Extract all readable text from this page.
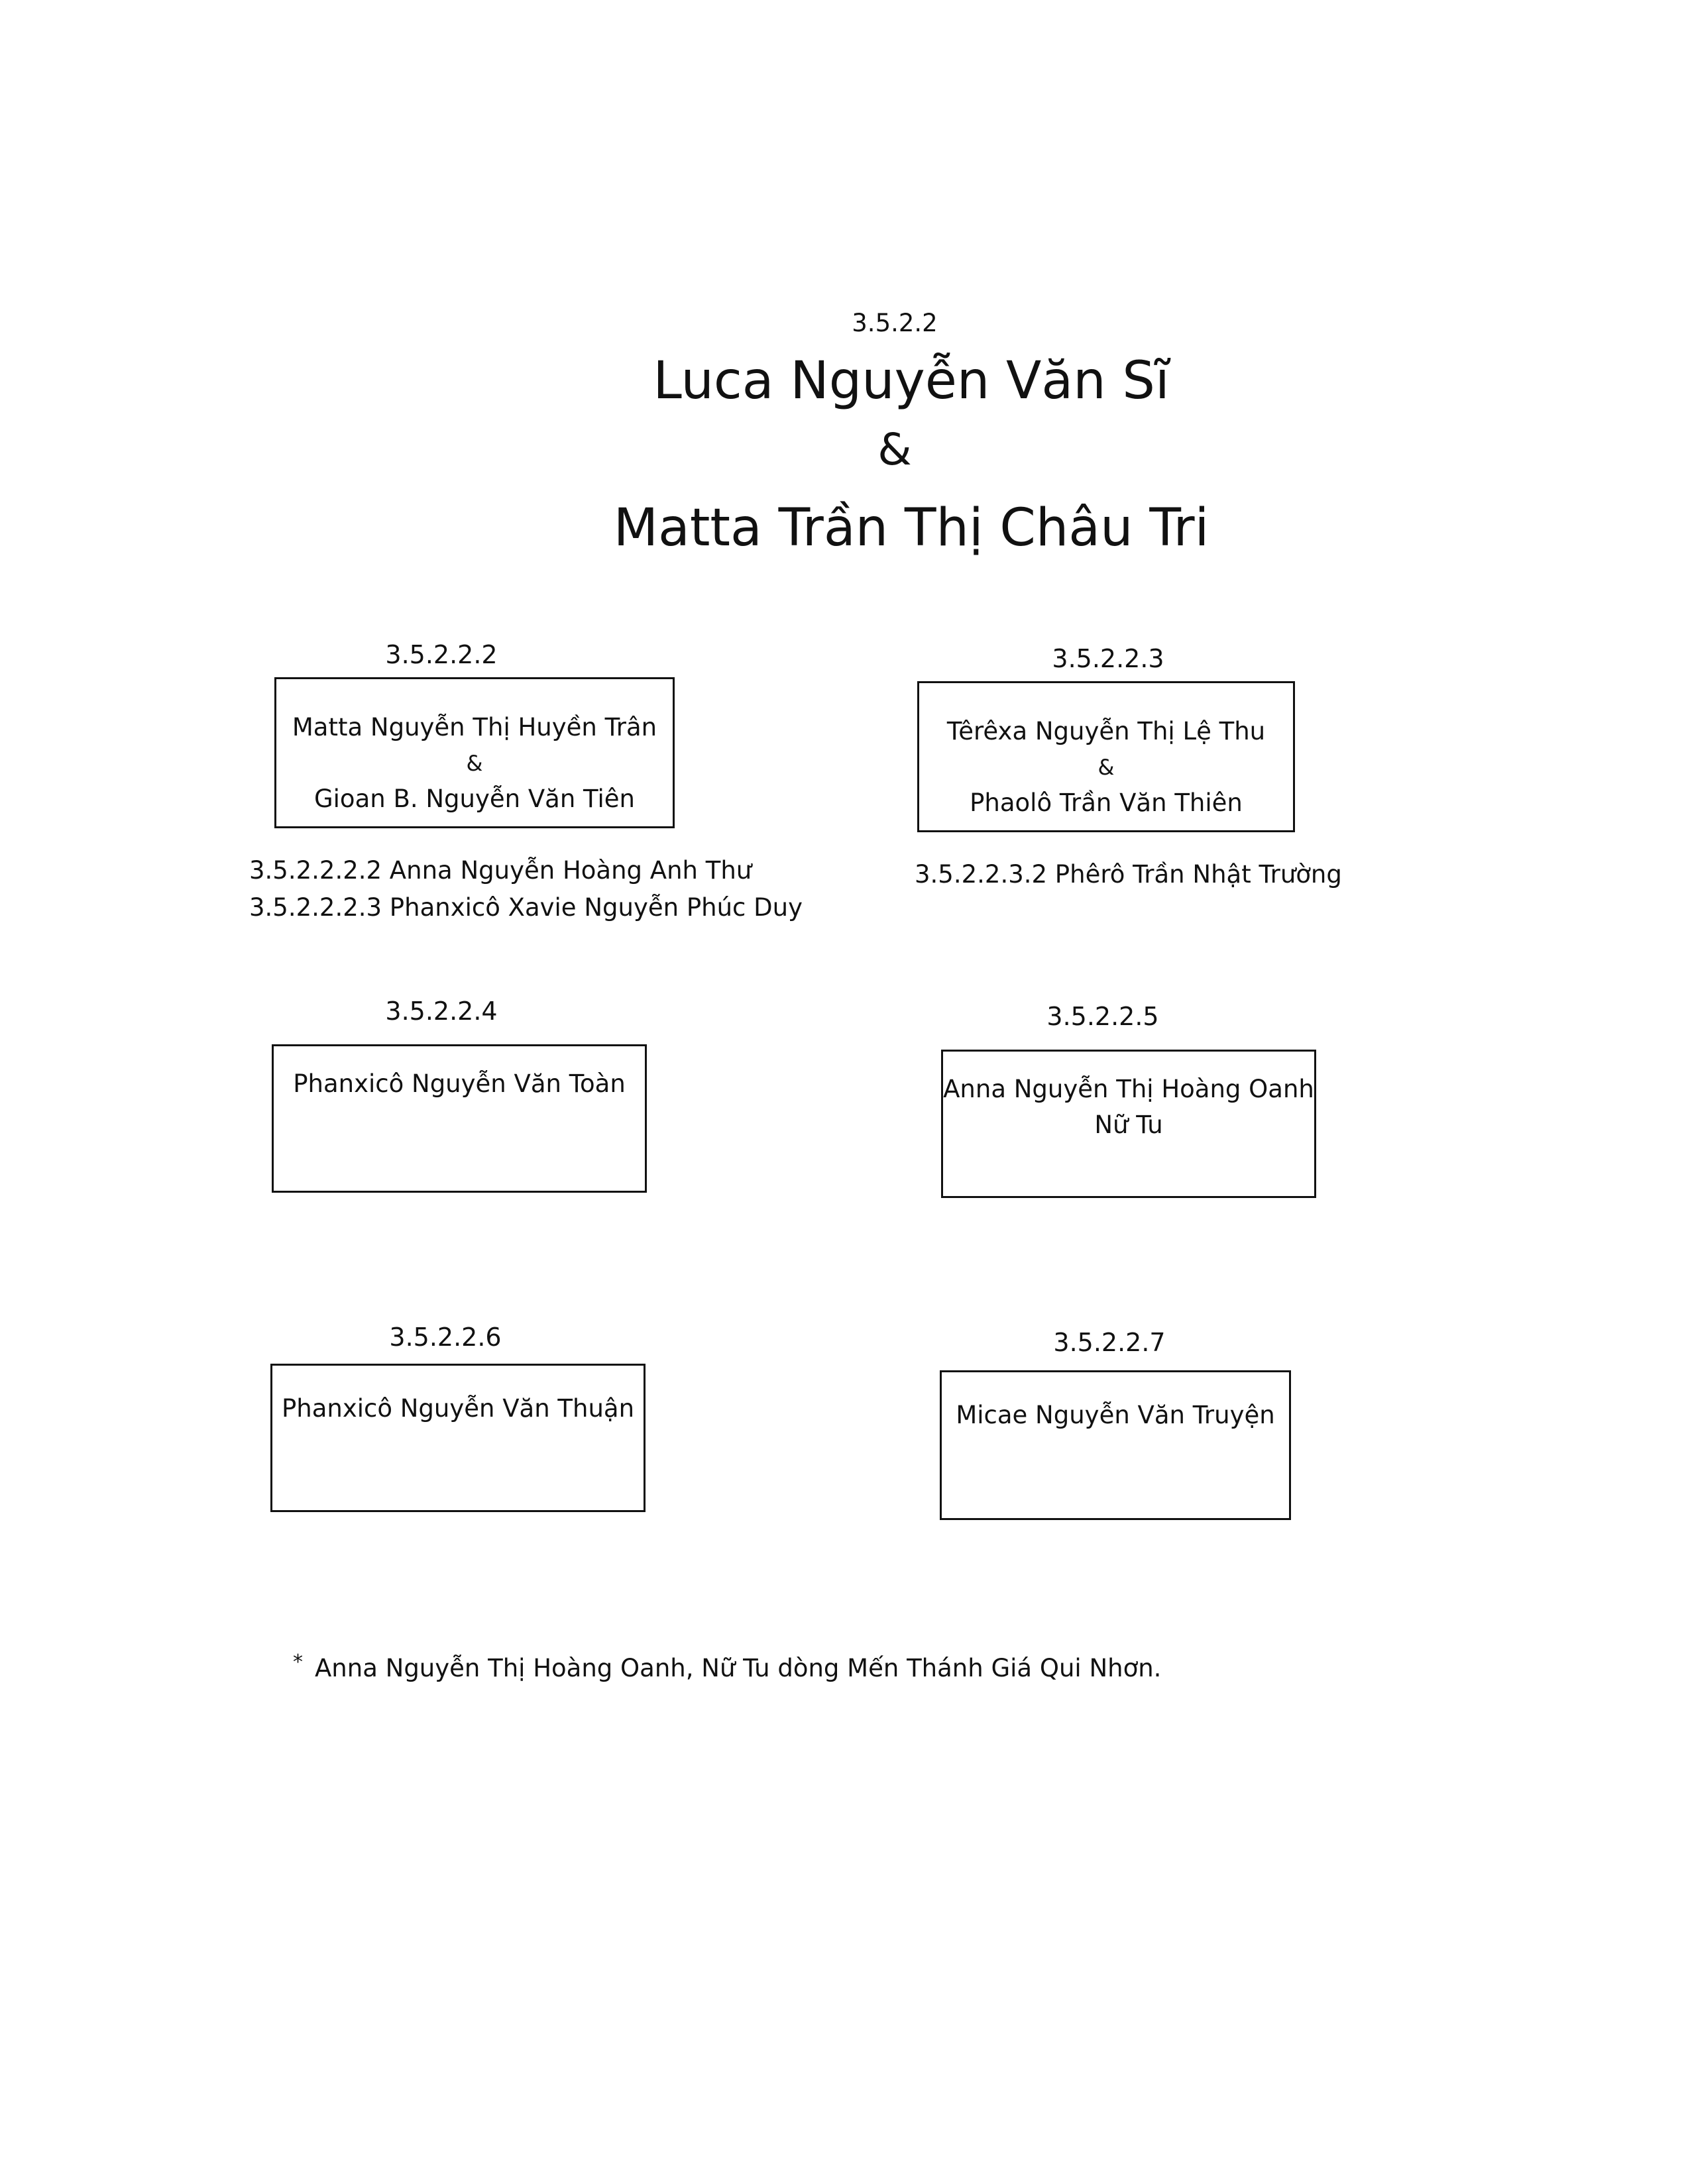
3.5.2.2
Luca Nguyễn Văn Sĩ
&
Matta Trần Thị Châu Tri
3.5.2.2.2
Matta Nguyễn Thị Huyền Trân
&
Gioan B. Nguyễn Văn Tiên
3.5.2.2.2.2 Anna Nguyễn Hoàng Anh Thư
3.5.2.2.2.3 Phanxicô Xavie Nguyễn Phúc Duy
3.5.2.2.3
Têrêxa Nguyễn Thị Lệ Thu
&
Phaolô Trần Văn Thiên
3.5.2.2.3.2 Phêrô Trần Nhật Trường
3.5.2.2.4
Phanxicô Nguyễn Văn Toàn
3.5.2.2.5
Anna Nguyễn Thị Hoàng Oanh
Nữ Tu
3.5.2.2.6
Phanxicô Nguyễn Văn Thuận
3.5.2.2.7
Micae Nguyễn Văn Truyện
* Anna Nguyễn Thị Hoàng Oanh, Nữ Tu dòng Mến Thánh Giá Qui Nhơn.
